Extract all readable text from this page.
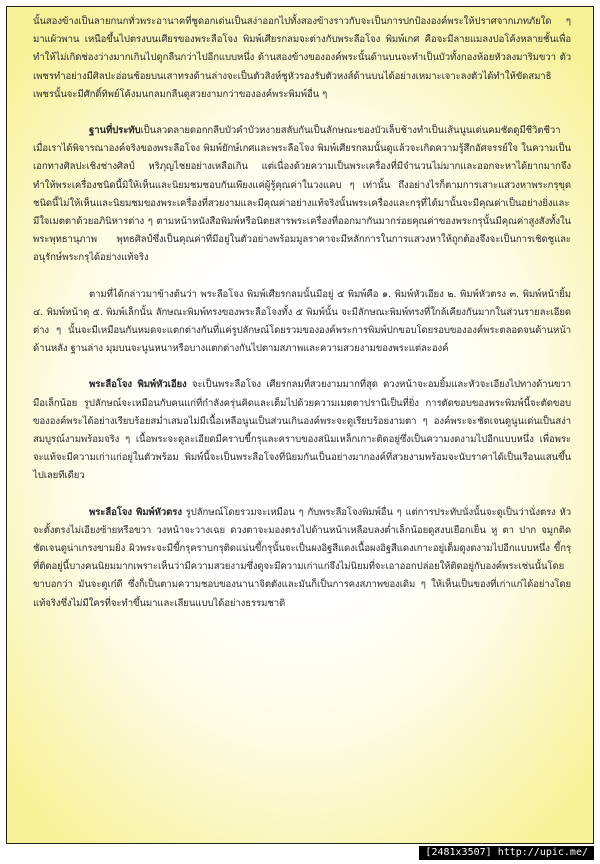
นั้นสองข้างเป็นลายกนกทั่วพระอานาคที่ชูดอกเด่นเป็นสง่าออกไปทั้งสองข้างราวกับจะเป็นการปกป้ององค์พระให้ปราศจากเภทภัยใด ๆ มาแผ้วพาน เหนือขึ้นไปตรงบนเศียรของพระลือโจง พิมพ์เศียรกลมจะต่างกับพระลือโจง พิมพ์เกศ คือจะมีลายแมลงปอโค้งหลายชั้นเพื่อทำให้ไม่เกิดช่องว่างมากเกินไปดูกลืนกว่าไปอีกแบบหนึ่ง ด้านสองข้างขององค์พระนั้นด้านบนจะทำเป็นบัวทั้งกองห้อยหัวลงมาริมขวา ตัวเพชรทำอย่างมีศิลปะอ่อนช้อยบนเสาทรงด้านล่างจะเป็นตัวสิงห์ชูหัวรองรับตัวหงส์ด้านบนได้อย่างเหมาะเจาะลงตัวได้ทำให้ขัดสมาธิเพชรนั้นจะมีศักดิ์ทิพย์โค้งมนกลมกลืนดูสวยงามกว่าขององค์พระพิมพ์อื่น ๆ

ฐานที่ประทับเป็นลวดลายดอกกลีบบัวคำบัวหงายสลับกันเป็นลักษณะของบัวเล็บช้างทำเป็นเส้นนูนเด่นคมชัดดูมีชีวิตชีวา เมื่อเราได้พิจารณาองค์จริงของพระลือโจง พิมพ์ยักษ์เกศและพระลือโจง พิมพ์เศียรกลมนั้นดูแล้วจะเกิดความรู้สึกอัศจรรย์ใจ ในความเป็นเอกทางศิลปะเชิงช่างศิลป์ หริภุญไชยอย่างเหลือเกิน แต่เนื่องด้วยความเป็นพระเครื่องที่มีจำนวนไม่มากและออกจะหาได้ยากมากจึงทำให้พระเครื่องชนิดนี้มิให้เห็นและนิยมชมชอบกันเพียงแค่ผู้รู้คุณค่าในวงแคบ ๆ เท่านั้น ถึงอย่างไรก็ตามการเสาะแสวงหาพระกรุขุดชนิดนี้ไม่ให้เห็นและนิยมชมของพระเครื่องที่สวยงามและมีคุณค่าอย่างแท้จริงนั้นพระเครื่องและกรุที่ได้มานั้นจะมีคุณค่าเป็นอย่างยิ่งและมีใจเมตตาด้วยอภินิหารต่าง ๆ ตามหน้าหนังสือพิมพ์หรือนิตยสารพระเครื่องที่ออกมากันมากร่อยคุณค่าของพระกรุนั้นมีคุณค่าสูงสังทั้งในพระพุทธานุภาพ พุทธศิลป์ซึ่งเป็นคุณค่าที่มีอยู่ในตัวอย่างพร้อมมูลราคาจะมีหลักการในการแสวงหาให้ถูกต้องจึงจะเป็นการเชิดชูและอนุรักษ์พระกรุได้อย่างแท้จริง

ตามที่ได้กล่าวมาข้างต้นว่า พระลือโจง พิมพ์เศียรกลมนั้นมีอยู่ ๕ พิมพ์คือ ๑. พิมพ์หัวเอียง ๒. พิมพ์หัวตรง ๓. พิมพ์หน้ายิ้ม ๔. พิมพ์หน้าดุ ๕. พิมพ์เล็กนั้น ลักษณะพิมพ์ทรงของพระลือโจงทั้ง ๕ พิมพ์นั้น จะมีลักษณะพิมพ์ทรงที่ใกล้เคียงกันมากในส่วนรายละเอียดต่าง ๆ นั้นจะมีเหมือนกันหมดจะแตกต่างกันที่แค่รูปลักษณ์โดยรวมขององค์พระการพิมพ์ปกขอบโดยรอบขององค์พระตลอดจนด้านหน้าด้านหลัง ฐานล่าง มุมบนจะนูนหนาหรือบางแตกต่างกันไปตามสภาพและความสวยงามของพระแต่ละองค์

พระลือโจง พิมพ์หัวเอียง จะเป็นพระลือโจง เศียรกลมที่สวยงามมากที่สุด ดวงหน้าจะอมยิ้มและหัวจะเอียงไปทางด้านขวามือเล็กน้อย รูปลักษณ์จะเหมือนกับคนแก่ที่กำลังครุ่นคิดและเต็มไปด้วยความเมตตาปรานีเป็นที่ยิ่ง การตัดขอบของพระพิมพ์นี้จะตัดขอบขององค์พระได้อย่างเรียบร้อยสม่ำเสมอไม่มีเนื้อเหลือนูนเป็นส่วนเกินองค์พระจะดูเรียบร้อยงามตา ๆ องค์พระจะชัดเจนดูนูนเด่นเป็นสง่าสมบูรณ์งามพร้อมจริง ๆ เนื้อพระจะดูละเอียดมีคราบขี้กรุและคราบของสนิมเหล็กเกาะติดอยู่ซึ่งเป็นความงดงามไปอีกแบบหนึ่ง เพื่อพระจะแท้จะมีความเก่าแก่อยู่ในตัวพร้อม พิมพ์นี้จะเป็นพระลือโจงที่นิยมกันเป็นอย่างมากองค์ที่สวยงามพร้อมจะนับราคาได้เป็นเรือนแสนขึ้นไปเลยทีเดียว

พระลือโจง พิมพ์หัวตรง รูปลักษณ์โดยรวมจะเหมือน ๆ กับพระลือโจงพิมพ์อื่น ๆ แต่การประทับนั่งนั้นจะดูเป็นว่านั่งตรง หัวจะตั้งตรงไม่เอียงซ้ายหรือขวา วงหน้าจะวางเฉย ดวงตาจะมองตรงไปด้านหน้าเหลือบลงต่ำเล็กน้อยดูสงบเยือกเย็น หู ตา ปาก จมูกติดชัดเจนดูน่าเกรงขามยิ่ง ผิวพระจะมีขี้กรุคราบกรุติดแน่นขี้กรุนั้นจะเป็นผงอิฐสีแดงเนื้อผงอิฐสีแดงเกาะอยู่เต็มดูงดงามไปอีกแบบหนึ่ง ขี้กรุที่ติดอยู่นี้บางคนนิยมมากเพราะเห็นว่ามีความสวยงามซึ่งดูจะมีความเก่าแก่จึงไม่นิยมที่จะเอาออกปล่อยให้ติดอยู่กับองค์พระเช่นนั้นโดยขาบอกว่า มันจะดูเก๋ดี ซึ่งก็เป็นตามความชอบของนานาจิตตังและมันก็เป็นการคงสภาพของเดิม ๆ ให้เห็นเป็นของที่เก่าแก่ได้อย่างโดยแท้จริงซึ่งไม่มีใครที่จะทำขึ้นมาและเลียนแบบได้อย่างธรรมชาติ

[2481x3507] http://upic.me/
